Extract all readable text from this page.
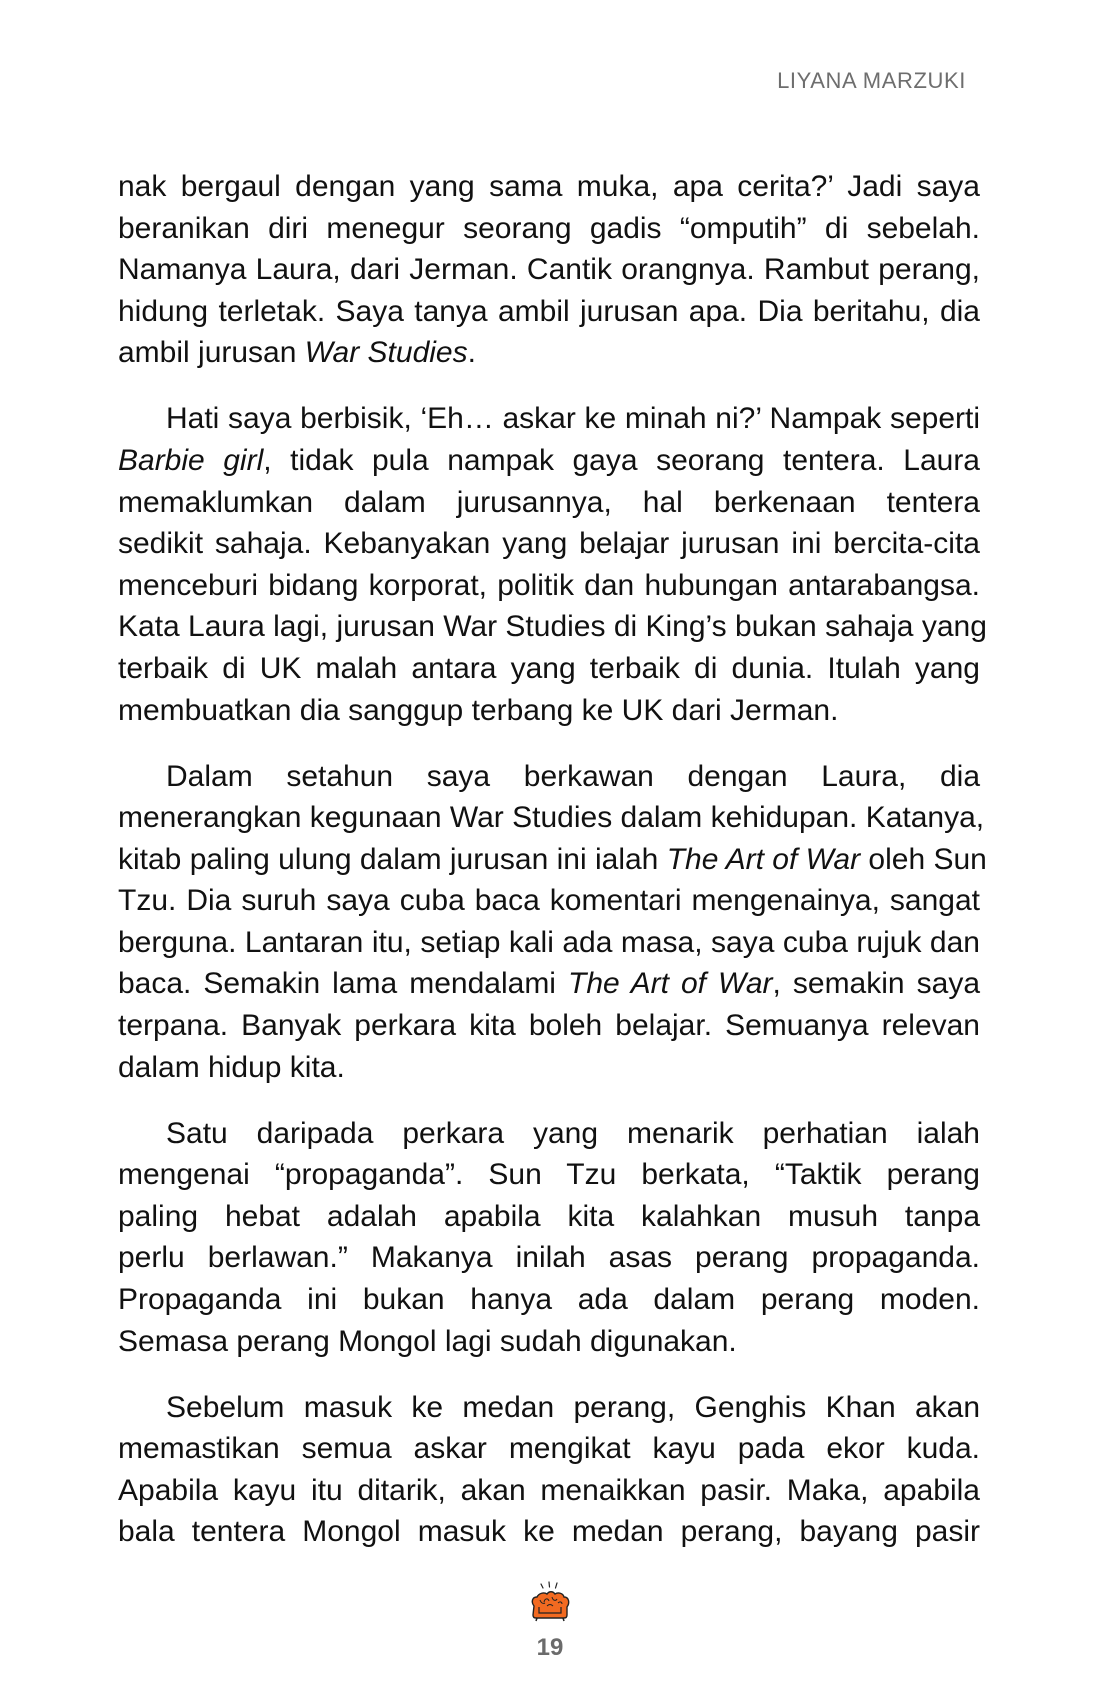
LIYANA MARZUKI
nak bergaul dengan yang sama muka, apa cerita?’ Jadi saya
beranikan diri menegur seorang gadis “omputih” di sebelah.
Namanya Laura, dari Jerman. Cantik orangnya. Rambut perang,
hidung terletak. Saya tanya ambil jurusan apa. Dia beritahu, dia
ambil jurusan War Studies.
Hati saya berbisik, ‘Eh… askar ke minah ni?’ Nampak seperti
Barbie girl, tidak pula nampak gaya seorang tentera. Laura
memaklumkan dalam jurusannya, hal berkenaan tentera
sedikit sahaja. Kebanyakan yang belajar jurusan ini bercita-cita
menceburi bidang korporat, politik dan hubungan antarabangsa.
Kata Laura lagi, jurusan War Studies di King’s bukan sahaja yang
terbaik di UK malah antara yang terbaik di dunia. Itulah yang
membuatkan dia sanggup terbang ke UK dari Jerman.
Dalam setahun saya berkawan dengan Laura, dia
menerangkan kegunaan War Studies dalam kehidupan. Katanya,
kitab paling ulung dalam jurusan ini ialah The Art of War oleh Sun
Tzu. Dia suruh saya cuba baca komentari mengenainya, sangat
berguna. Lantaran itu, setiap kali ada masa, saya cuba rujuk dan
baca. Semakin lama mendalami The Art of War, semakin saya
terpana. Banyak perkara kita boleh belajar. Semuanya relevan
dalam hidup kita.
Satu daripada perkara yang menarik perhatian ialah
mengenai “propaganda”. Sun Tzu berkata, “Taktik perang
paling hebat adalah apabila kita kalahkan musuh tanpa
perlu berlawan.” Makanya inilah asas perang propaganda.
Propaganda ini bukan hanya ada dalam perang moden.
Semasa perang Mongol lagi sudah digunakan.
Sebelum masuk ke medan perang, Genghis Khan akan
memastikan semua askar mengikat kayu pada ekor kuda.
Apabila kayu itu ditarik, akan menaikkan pasir. Maka, apabila
bala tentera Mongol masuk ke medan perang, bayang pasir
19
